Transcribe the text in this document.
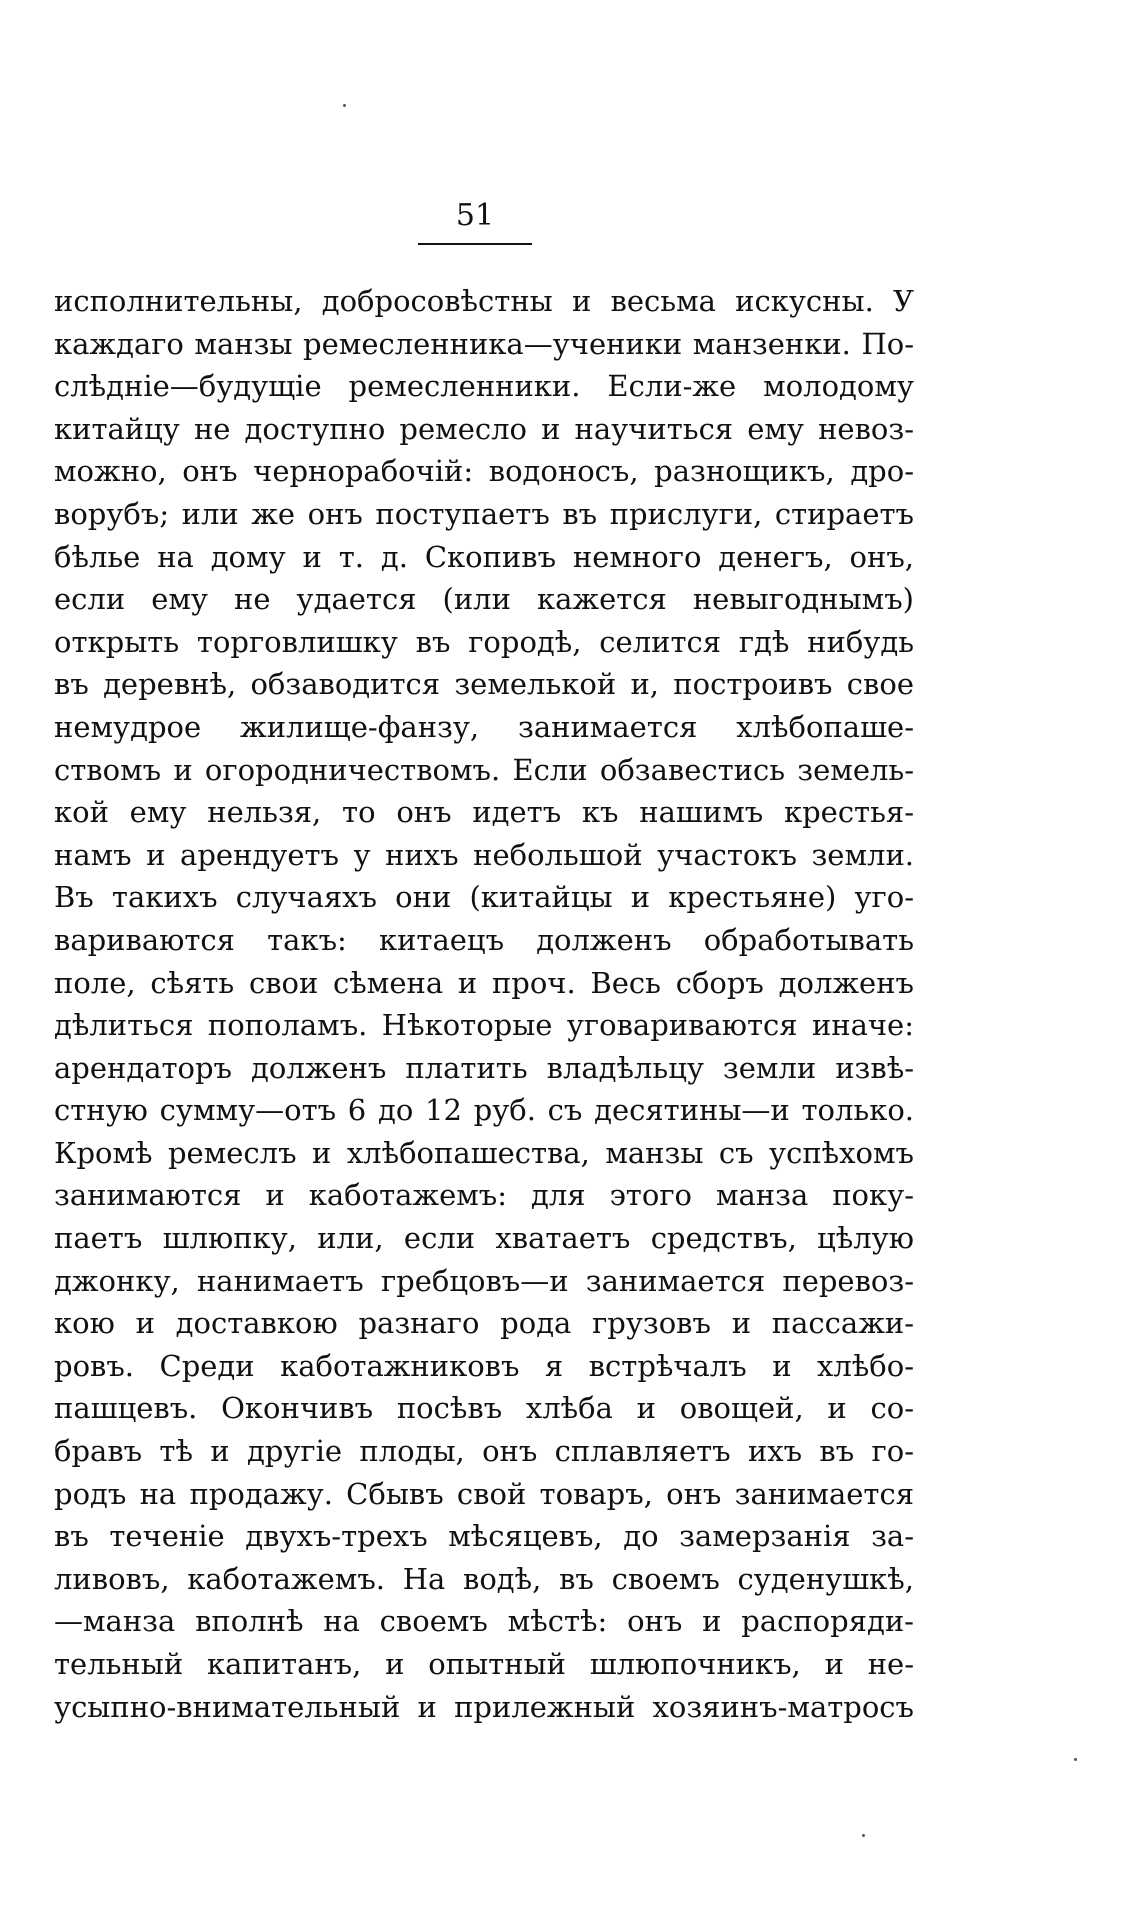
51
исполнительны, добросовѣстны и весьма искусны. У
каждаго манзы ремесленника—ученики манзенки. По-
слѣдніе—будущіе ремесленники. Если-же молодому
китайцу не доступно ремесло и научиться ему невоз-
можно, онъ чернорабочій: водоносъ, разнощикъ, дро-
ворубъ; или же онъ поступаетъ въ прислуги, стираетъ
бѣлье на дому и т. д. Скопивъ немного денегъ, онъ,
если ему не удается (или кажется невыгоднымъ)
открыть торговлишку въ городѣ, селится гдѣ нибудь
въ деревнѣ, обзаводится земелькой и, построивъ свое
немудрое жилище-фанзу, занимается хлѣбопаше-
ствомъ и огородничествомъ. Если обзавестись земель-
кой ему нельзя, то онъ идетъ къ нашимъ крестья-
намъ и арендуетъ у нихъ небольшой участокъ земли.
Въ такихъ случаяхъ они (китайцы и крестьяне) уго-
вариваются такъ: китаецъ долженъ обработывать
поле, сѣять свои сѣмена и проч. Весь сборъ долженъ
дѣлиться пополамъ. Нѣкоторые уговариваются иначе:
арендаторъ долженъ платить владѣльцу земли извѣ-
стную сумму—отъ 6 до 12 руб. съ десятины—и только.
Кромѣ ремеслъ и хлѣбопашества, манзы съ успѣхомъ
занимаются и каботажемъ: для этого манза поку-
паетъ шлюпку, или, если хватаетъ средствъ, цѣлую
джонку, нанимаетъ гребцовъ—и занимается перевоз-
кою и доставкою разнаго рода грузовъ и пассажи-
ровъ. Среди каботажниковъ я встрѣчалъ и хлѣбо-
пашцевъ. Окончивъ посѣвъ хлѣба и овощей, и со-
бравъ тѣ и другіе плоды, онъ сплавляетъ ихъ въ го-
родъ на продажу. Сбывъ свой товаръ, онъ занимается
въ теченіе двухъ-трехъ мѣсяцевъ, до замерзанія за-
ливовъ, каботажемъ. На водѣ, въ своемъ суденушкѣ,
—манза вполнѣ на своемъ мѣстѣ: онъ и распоряди-
тельный капитанъ, и опытный шлюпочникъ, и не-
усыпно-внимательный и прилежный хозяинъ-матросъ
